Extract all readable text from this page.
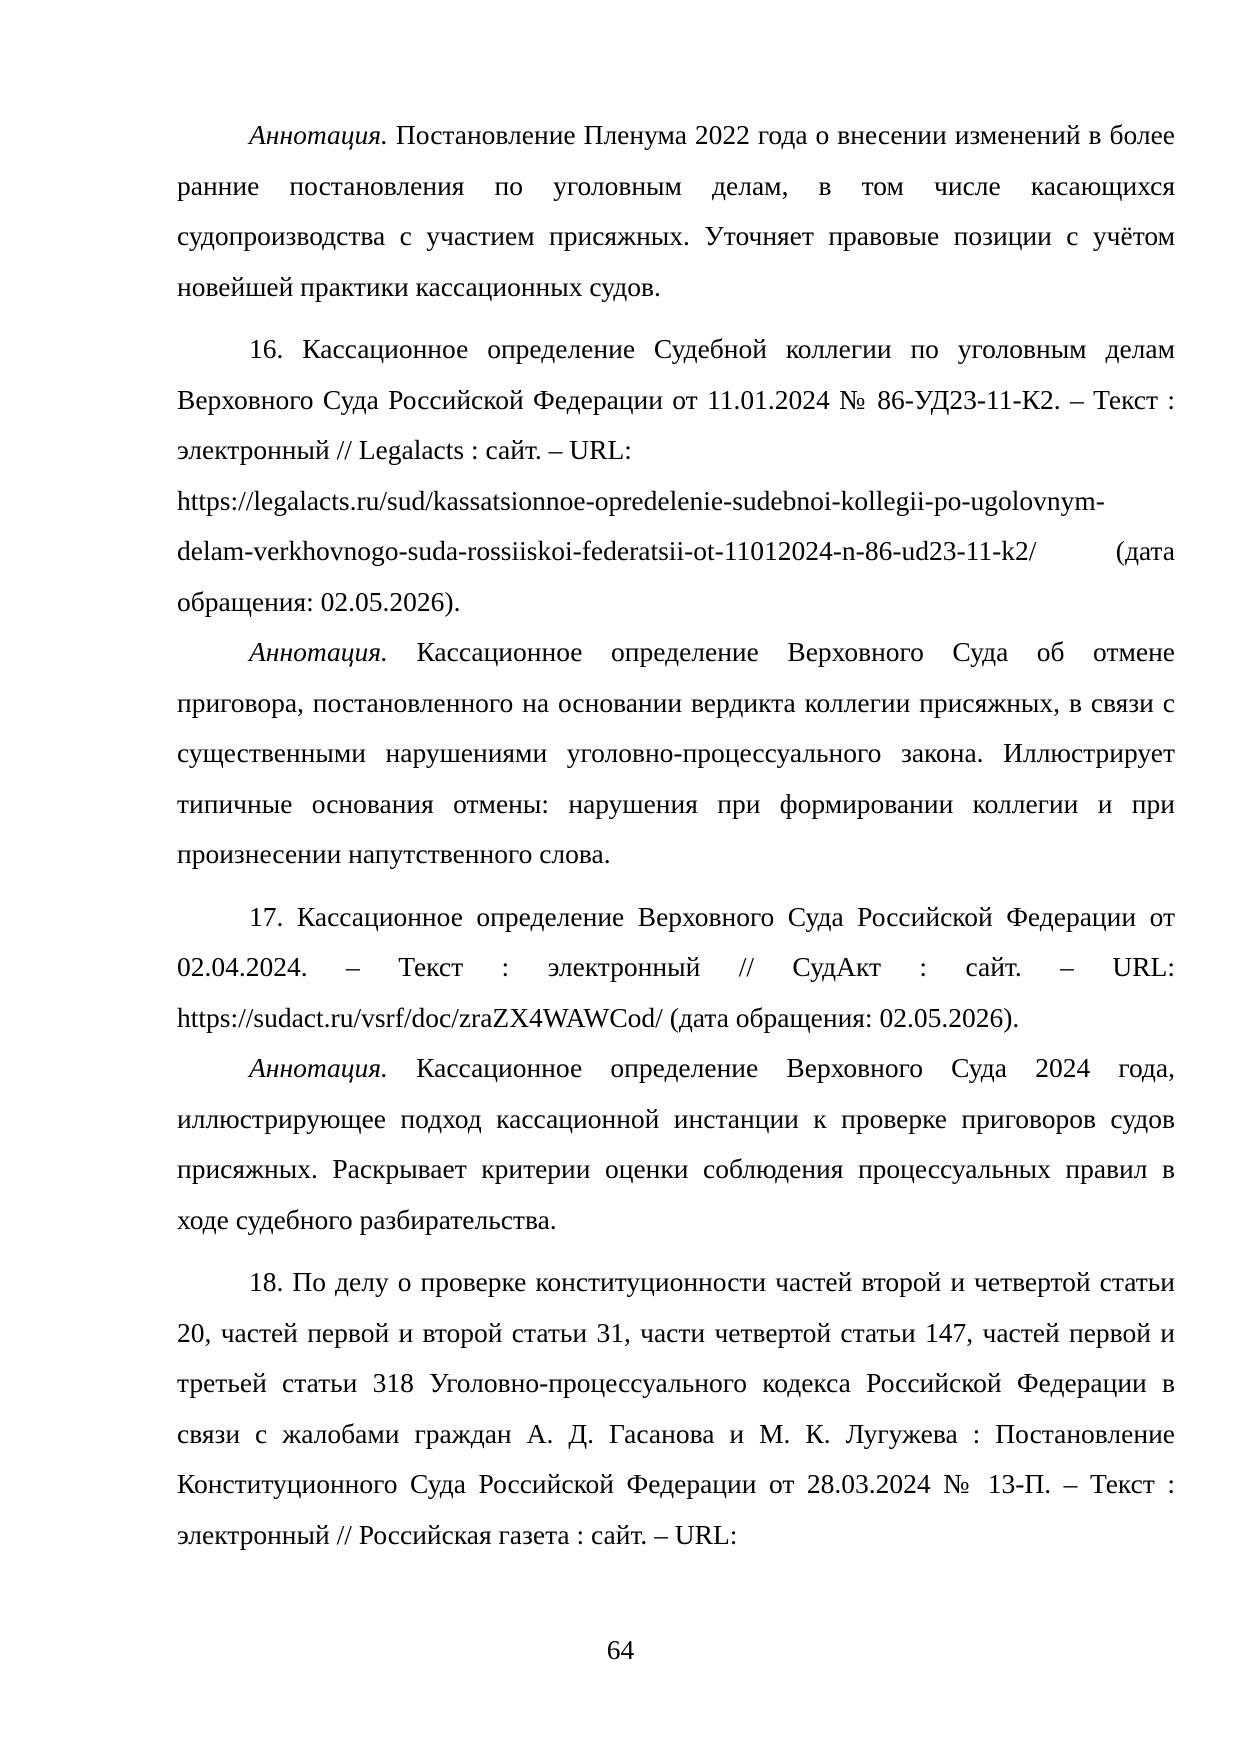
Аннотация. Постановление Пленума 2022 года о внесении изменений в более ранние постановления по уголовным делам, в том числе касающихся судопроизводства с участием присяжных. Уточняет правовые позиции с учётом новейшей практики кассационных судов.

16. Кассационное определение Судебной коллегии по уголовным делам Верховного Суда Российской Федерации от 11.01.2024 № 86-УД23-11-К2. – Текст : электронный // Legalacts : сайт. – URL:

https://legalacts.ru/sud/kassatsionnoe-opredelenie-sudebnoi-kollegii-po-ugolovnym-

delam-verkhovnogo-suda-rossiiskoi-federatsii-ot-11012024-n-86-ud23-11-k2/ (дата обращения: 02.05.2026).

Аннотация. Кассационное определение Верховного Суда об отмене приговора, постановленного на основании вердикта коллегии присяжных, в связи с существенными нарушениями уголовно-процессуального закона. Иллюстрирует типичные основания отмены: нарушения при формировании коллегии и при произнесении напутственного слова.

17. Кассационное определение Верховного Суда Российской Федерации от 02.04.2024. – Текст : электронный // СудАкт : сайт. – URL: https://sudact.ru/vsrf/doc/zraZX4WAWCod/ (дата обращения: 02.05.2026).

Аннотация. Кассационное определение Верховного Суда 2024 года, иллюстрирующее подход кассационной инстанции к проверке приговоров судов присяжных. Раскрывает критерии оценки соблюдения процессуальных правил в ходе судебного разбирательства.

18. По делу о проверке конституционности частей второй и четвертой статьи 20, частей первой и второй статьи 31, части четвертой статьи 147, частей первой и третьей статьи 318 Уголовно-процессуального кодекса Российской Федерации в связи с жалобами граждан А. Д. Гасанова и М. К. Лугужева : Постановление Конституционного Суда Российской Федерации от 28.03.2024 № 13-П. – Текст : электронный // Российская газета : сайт. – URL:

64
